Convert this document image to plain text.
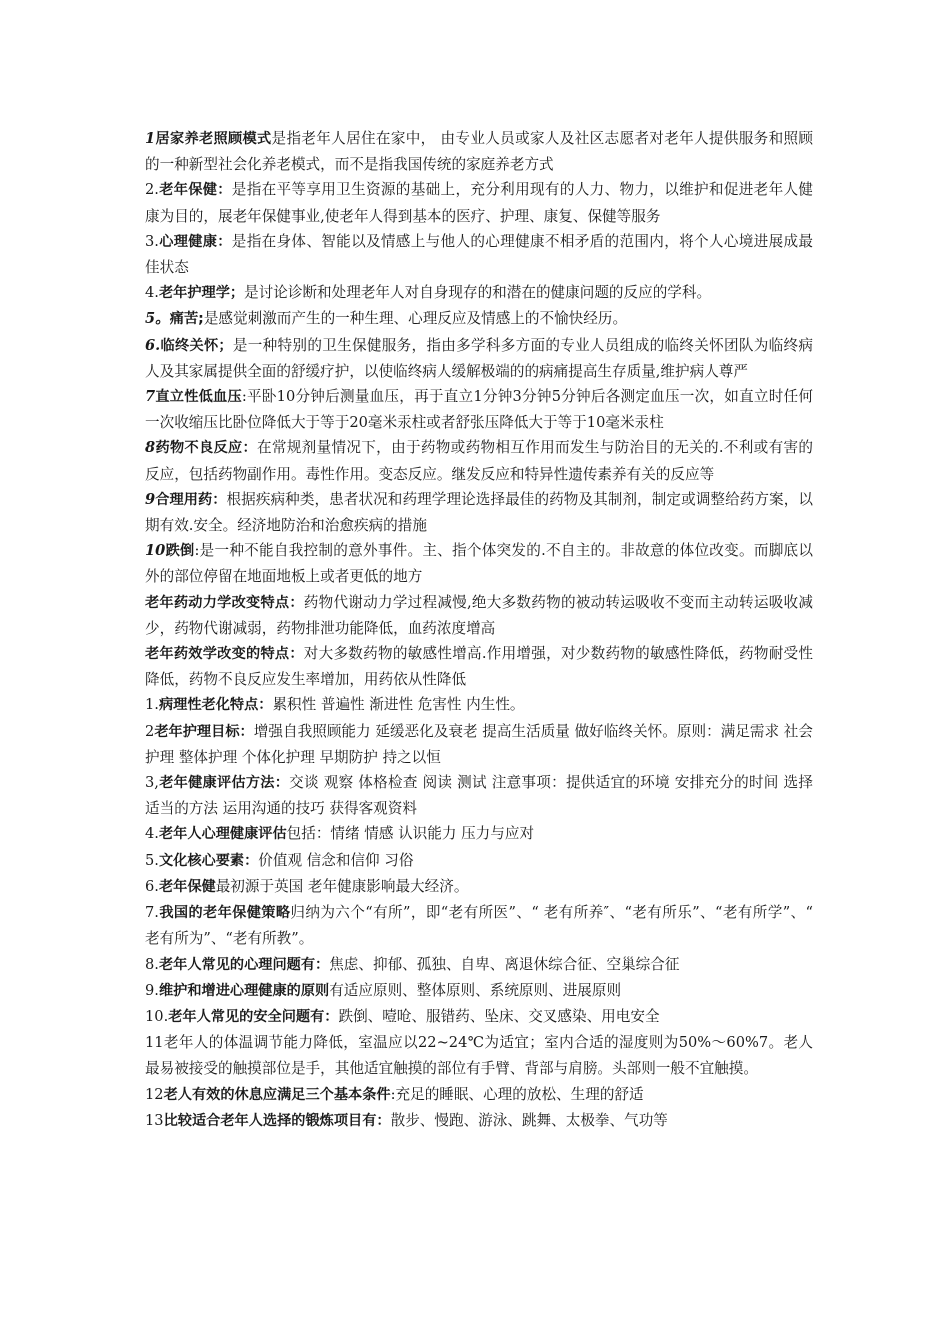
1居家养老照顾模式是指老年人居住在家中， 由专业人员或家人及社区志愿者对老年人提供服务和照顾的一种新型社会化养老模式，而不是指我国传统的家庭养老方式

2.老年保健：是指在平等享用卫生资源的基础上，充分利用现有的人力、物力，以维护和促进老年人健康为目的，展老年保健事业,使老年人得到基本的医疗、护理、康复、保健等服务

3.心理健康：是指在身体、智能以及情感上与他人的心理健康不相矛盾的范围内，将个人心境进展成最佳状态

4.老年护理学；是讨论诊断和处理老年人对自身现存的和潜在的健康问题的反应的学科。

5。痛苦;是感觉刺激而产生的一种生理、心理反应及情感上的不愉快经历。

6.临终关怀；是一种特别的卫生保健服务，指由多学科多方面的专业人员组成的临终关怀团队为临终病人及其家属提供全面的舒缓疗护，以使临终病人缓解极端的的病痛提高生存质量,维护病人尊严

7直立性低血压:平卧10分钟后测量血压，再于直立1分钟3分钟5分钟后各测定血压一次，如直立时任何一次收缩压比卧位降低大于等于20毫米汞柱或者舒张压降低大于等于10毫米汞柱

8药物不良反应：在常规剂量情况下，由于药物或药物相互作用而发生与防治目的无关的.不利或有害的反应，包括药物副作用。毒性作用。变态反应。继发反应和特异性遗传素养有关的反应等

9合理用药：根据疾病种类，患者状况和药理学理论选择最佳的药物及其制剂，制定或调整给药方案，以期有效.安全。经济地防治和治愈疾病的措施

10跌倒:是一种不能自我控制的意外事件。主、指个体突发的.不自主的。非故意的体位改变。而脚底以外的部位停留在地面地板上或者更低的地方

老年药动力学改变特点：药物代谢动力学过程减慢,绝大多数药物的被动转运吸收不变而主动转运吸收减少，药物代谢减弱，药物排泄功能降低，血药浓度增高

老年药效学改变的特点：对大多数药物的敏感性增高.作用增强，对少数药物的敏感性降低，药物耐受性降低，药物不良反应发生率增加，用药依从性降低

1.病理性老化特点：累积性 普遍性 渐进性 危害性 内生性。

2老年护理目标：增强自我照顾能力 延缓恶化及衰老 提高生活质量 做好临终关怀。原则：满足需求 社会护理 整体护理 个体化护理 早期防护 持之以恒

3,老年健康评估方法：交谈 观察 体格检查 阅读 测试 注意事项：提供适宜的环境 安排充分的时间 选择适当的方法 运用沟通的技巧 获得客观资料

4.老年人心理健康评估包括：情绪 情感 认识能力 压力与应对

5.文化核心要素：价值观 信念和信仰 习俗

6.老年保健最初源于英国 老年健康影响最大经济。

7.我国的老年保健策略归纳为六个“有所”，即“老有所医”、“ 老有所养″、“老有所乐”、“老有所学”、“ 老有所为”、“老有所教”。

8.老年人常见的心理问题有：焦虑、抑郁、孤独、自卑、离退休综合征、空巢综合征

9.维护和增进心理健康的原则有适应原则、整体原则、系统原则、进展原则

10.老年人常见的安全问题有：跌倒、噎呛、服错药、坠床、交叉感染、用电安全

11老年人的体温调节能力降低，室温应以22~24℃为适宜；室内合适的湿度则为50%～60%7。老人最易被接受的触摸部位是手，其他适宜触摸的部位有手臂、背部与肩膀。头部则一般不宜触摸。

12老人有效的休息应满足三个基本条件:充足的睡眠、心理的放松、生理的舒适

13比较适合老年人选择的锻炼项目有：散步、慢跑、游泳、跳舞、太极拳、气功等
